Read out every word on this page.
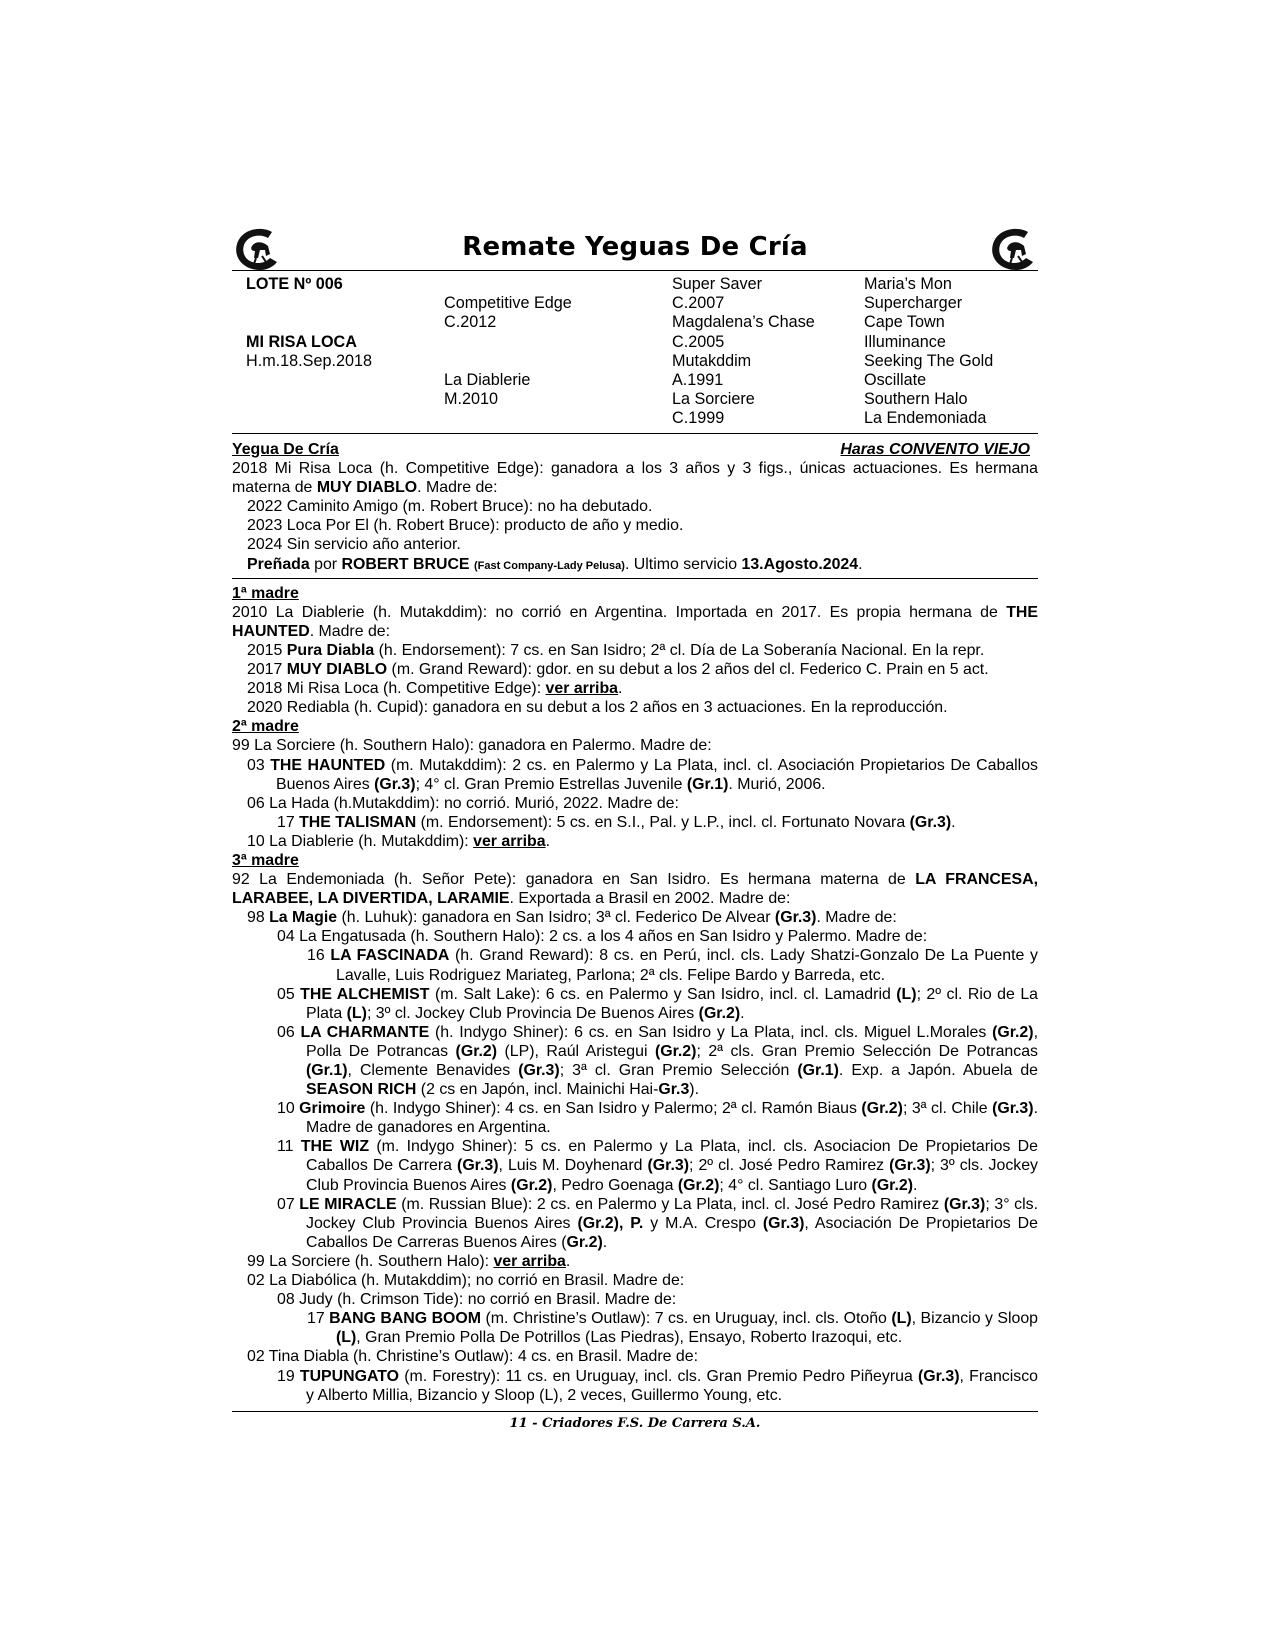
Remate Yeguas De Cría
LOTE Nº 006
MI RISA LOCA
H.m.18.Sep.2018
Competitive Edge
C.2012
La Diablerie
M.2010
Super Saver
C.2007
Magdalena’s Chase
C.2005
Mutakddim
A.1991
La Sorciere
C.1999
Maria’s Mon
Supercharger
Cape Town
Illuminance
Seeking The Gold
Oscillate
Southern Halo
La Endemoniada
Yegua De Cría	Haras CONVENTO VIEJO
2018 Mi Risa Loca (h. Competitive Edge): ganadora a los 3 años y 3 figs., únicas actuaciones. Es hermana materna de MUY DIABLO. Madre de:
2022 Caminito Amigo (m. Robert Bruce): no ha debutado.
2023 Loca Por El (h. Robert Bruce): producto de año y medio.
2024 Sin servicio año anterior.
Preñada por ROBERT BRUCE (Fast Company-Lady Pelusa). Ultimo servicio 13.Agosto.2024.
1ª madre
2010 La Diablerie (h. Mutakddim): no corrió en Argentina. Importada en 2017. Es propia hermana de THE HAUNTED. Madre de:
2015 Pura Diabla (h. Endorsement): 7 cs. en San Isidro; 2ª cl. Día de La Soberanía Nacional. En la repr.
2017 MUY DIABLO (m. Grand Reward): gdor. en su debut a los 2 años del cl. Federico C. Prain en 5 act.
2018 Mi Risa Loca (h. Competitive Edge): ver arriba.
2020 Rediabla (h. Cupid): ganadora en su debut a los 2 años en 3 actuaciones. En la reproducción.
2ª madre
99 La Sorciere (h. Southern Halo): ganadora en Palermo. Madre de:
03 THE HAUNTED (m. Mutakddim): 2 cs. en Palermo y La Plata, incl. cl. Asociación Propietarios De Caballos Buenos Aires (Gr.3); 4° cl. Gran Premio Estrellas Juvenile (Gr.1). Murió, 2006.
06 La Hada (h.Mutakddim): no corrió. Murió, 2022. Madre de:
17 THE TALISMAN (m. Endorsement): 5 cs. en S.I., Pal. y L.P., incl. cl. Fortunato Novara (Gr.3).
10 La Diablerie (h. Mutakddim): ver arriba.
3ª madre
92 La Endemoniada (h. Señor Pete): ganadora en San Isidro. Es hermana materna de LA FRANCESA, LARABEE, LA DIVERTIDA, LARAMIE. Exportada a Brasil en 2002. Madre de:
98 La Magie (h. Luhuk): ganadora en San Isidro; 3ª cl. Federico De Alvear (Gr.3). Madre de:
04 La Engatusada (h. Southern Halo): 2 cs. a los 4 años en San Isidro y Palermo. Madre de:
16 LA FASCINADA (h. Grand Reward): 8 cs. en Perú, incl. cls. Lady Shatzi-Gonzalo De La Puente y Lavalle, Luis Rodriguez Mariateg, Parlona; 2ª cls. Felipe Bardo y Barreda, etc.
05 THE ALCHEMIST (m. Salt Lake): 6 cs. en Palermo y San Isidro, incl. cl. Lamadrid (L); 2º cl. Rio de La Plata (L); 3º cl. Jockey Club Provincia De Buenos Aires (Gr.2).
06 LA CHARMANTE (h. Indygo Shiner): 6 cs. en San Isidro y La Plata, incl. cls. Miguel L.Morales (Gr.2), Polla De Potrancas (Gr.2) (LP), Raúl Aristegui (Gr.2); 2ª cls. Gran Premio Selección De Potrancas (Gr.1), Clemente Benavides (Gr.3); 3ª cl. Gran Premio Selección (Gr.1). Exp. a Japón. Abuela de SEASON RICH (2 cs en Japón, incl. Mainichi Hai-Gr.3).
10 Grimoire (h. Indygo Shiner): 4 cs. en San Isidro y Palermo; 2ª cl. Ramón Biaus (Gr.2); 3ª cl. Chile (Gr.3). Madre de ganadores en Argentina.
11 THE WIZ (m. Indygo Shiner): 5 cs. en Palermo y La Plata, incl. cls. Asociacion De Propietarios De Caballos De Carrera (Gr.3), Luis M. Doyhenard (Gr.3); 2º cl. José Pedro Ramirez (Gr.3); 3º cls. Jockey Club Provincia Buenos Aires (Gr.2), Pedro Goenaga (Gr.2); 4° cl. Santiago Luro (Gr.2).
07 LE MIRACLE (m. Russian Blue): 2 cs. en Palermo y La Plata, incl. cl. José Pedro Ramirez (Gr.3); 3° cls. Jockey Club Provincia Buenos Aires (Gr.2), P. y M.A. Crespo (Gr.3), Asociación De Propietarios De Caballos De Carreras Buenos Aires (Gr.2).
99 La Sorciere (h. Southern Halo): ver arriba.
02 La Diabólica (h. Mutakddim); no corrió en Brasil. Madre de:
08 Judy (h. Crimson Tide): no corrió en Brasil. Madre de:
17 BANG BANG BOOM (m. Christine’s Outlaw): 7 cs. en Uruguay, incl. cls. Otoño (L), Bizancio y Sloop (L), Gran Premio Polla De Potrillos (Las Piedras), Ensayo, Roberto Irazoqui, etc.
02 Tina Diabla (h. Christine’s Outlaw): 4 cs. en Brasil. Madre de:
19 TUPUNGATO (m. Forestry): 11 cs. en Uruguay, incl. cls. Gran Premio Pedro Piñeyrua (Gr.3), Francisco y Alberto Millia, Bizancio y Sloop (L), 2 veces, Guillermo Young, etc.
11 - Criadores F.S. De Carrera S.A.
